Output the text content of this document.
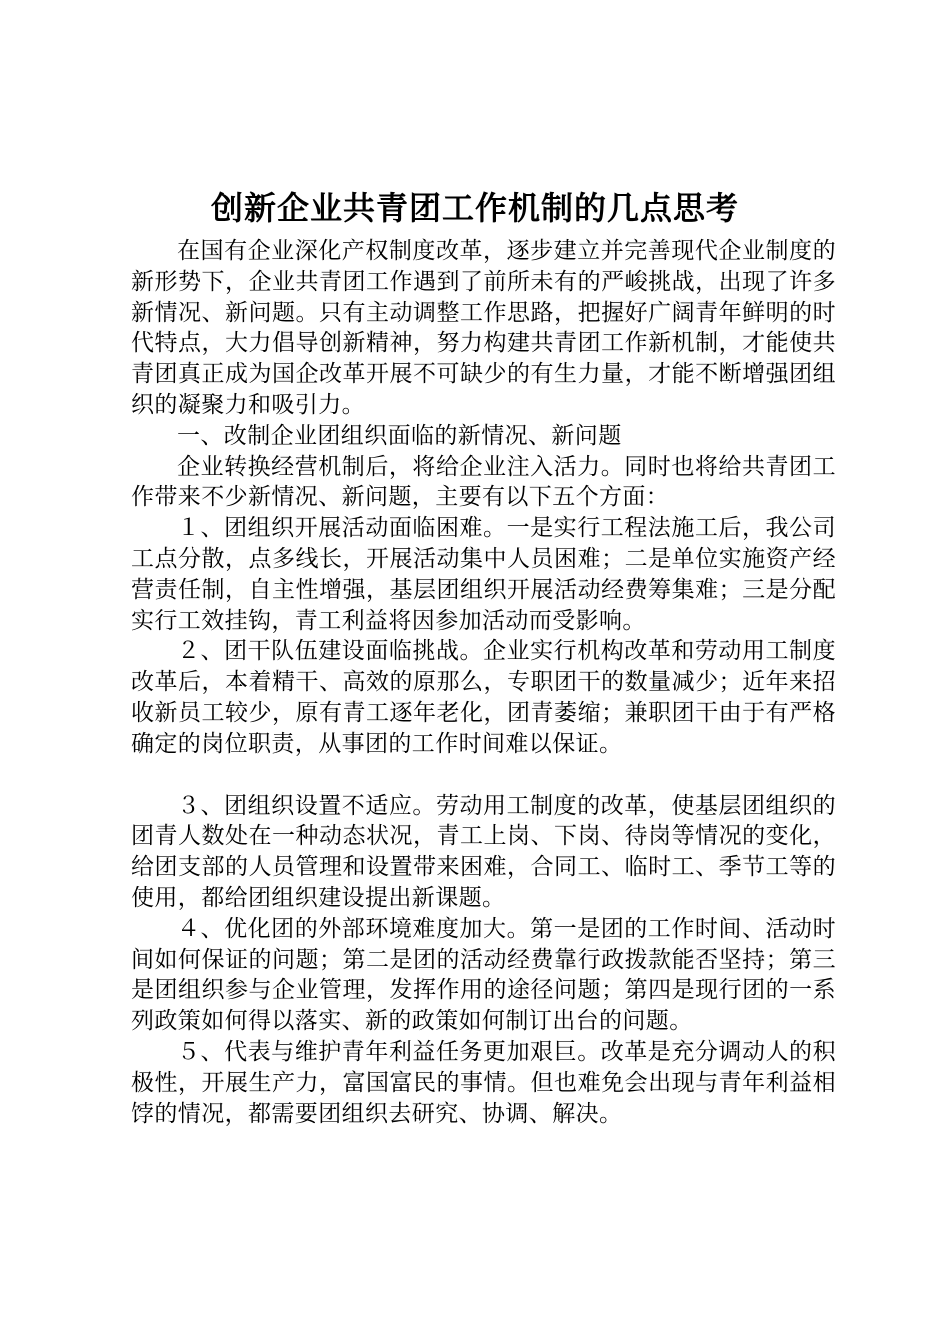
创新企业共青团工作机制的几点思考

在国有企业深化产权制度改革，逐步建立并完善现代企业制度的新形势下，企业共青团工作遇到了前所未有的严峻挑战，出现了许多新情况、新问题。只有主动调整工作思路，把握好广阔青年鲜明的时代特点，大力倡导创新精神，努力构建共青团工作新机制，才能使共青团真正成为国企改革开展不可缺少的有生力量，才能不断增强团组织的凝聚力和吸引力。

一、改制企业团组织面临的新情况、新问题

企业转换经营机制后，将给企业注入活力。同时也将给共青团工作带来不少新情况、新问题，主要有以下五个方面：

１、团组织开展活动面临困难。一是实行工程法施工后，我公司工点分散，点多线长，开展活动集中人员困难；二是单位实施资产经营责任制，自主性增强，基层团组织开展活动经费筹集难；三是分配实行工效挂钩，青工利益将因参加活动而受影响。

２、团干队伍建设面临挑战。企业实行机构改革和劳动用工制度改革后，本着精干、高效的原那么，专职团干的数量减少；近年来招收新员工较少，原有青工逐年老化，团青萎缩；兼职团干由于有严格确定的岗位职责，从事团的工作时间难以保证。

３、团组织设置不适应。劳动用工制度的改革，使基层团组织的团青人数处在一种动态状况，青工上岗、下岗、待岗等情况的变化，给团支部的人员管理和设置带来困难，合同工、临时工、季节工等的使用，都给团组织建设提出新课题。

４、优化团的外部环境难度加大。第一是团的工作时间、活动时间如何保证的问题；第二是团的活动经费靠行政拨款能否坚持；第三是团组织参与企业管理，发挥作用的途径问题；第四是现行团的一系列政策如何得以落实、新的政策如何制订出台的问题。

５、代表与维护青年利益任务更加艰巨。改革是充分调动人的积极性，开展生产力，富国富民的事情。但也难免会出现与青年利益相饽的情况，都需要团组织去研究、协调、解决。
